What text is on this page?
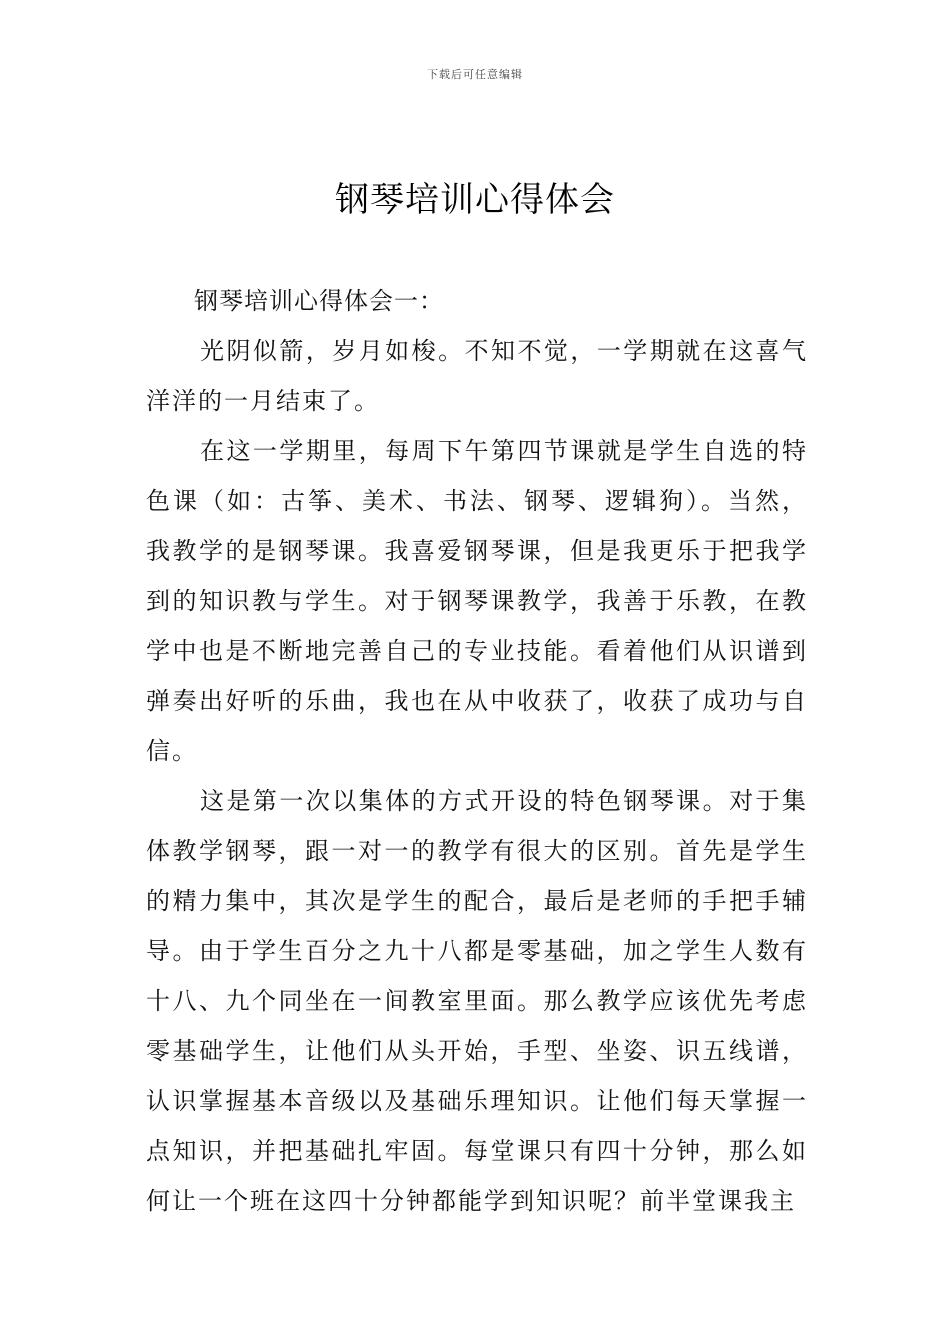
下载后可任意编辑
钢琴培训心得体会

钢琴培训心得体会一：

光阴似箭，岁月如梭。不知不觉，一学期就在这喜气洋洋的一月结束了。

在这一学期里，每周下午第四节课就是学生自选的特色课（如：古筝、美术、书法、钢琴、逻辑狗）。当然，我教学的是钢琴课。我喜爱钢琴课，但是我更乐于把我学到的知识教与学生。对于钢琴课教学，我善于乐教，在教学中也是不断地完善自己的专业技能。看着他们从识谱到弹奏出好听的乐曲，我也在从中收获了，收获了成功与自信。

这是第一次以集体的方式开设的特色钢琴课。对于集体教学钢琴，跟一对一的教学有很大的区别。首先是学生的精力集中，其次是学生的配合，最后是老师的手把手辅导。由于学生百分之九十八都是零基础，加之学生人数有十八、九个同坐在一间教室里面。那么教学应该优先考虑零基础学生，让他们从头开始，手型、坐姿、识五线谱，认识掌握基本音级以及基础乐理知识。让他们每天掌握一点知识，并把基础扎牢固。每堂课只有四十分钟，那么如何让一个班在这四十分钟都能学到知识呢？前半堂课我主
